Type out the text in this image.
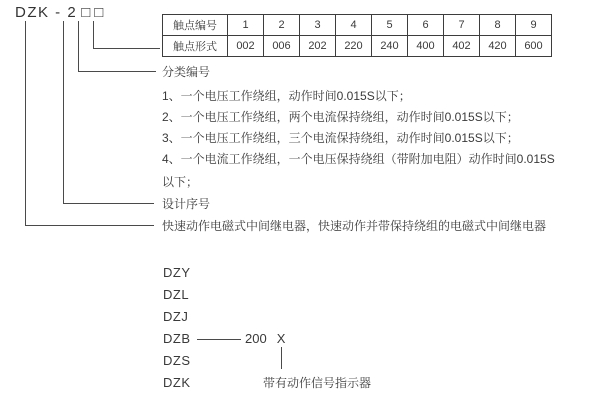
DZK - 2 □ □
触点编号	1	2	3	4	5	6	7	8	9
触点形式	002	006	202	220	240	400	402	420	600
分类编号
1、一个电压工作绕组，动作时间0.015S以下；
2、一个电压工作绕组，两个电流保持绕组，动作时间0.015S以下；
3、一个电压工作绕组，三个电流保持绕组，动作时间0.015S以下；
4、一个电流工作绕组，一个电压保持绕组（带附加电阻）动作时间0.015S
以下；
设计序号
快速动作电磁式中间继电器，快速动作并带保持绕组的电磁式中间继电器
DZY
DZL
DZJ
DZB
DZS
DZK
200 X
带有动作信号指示器
